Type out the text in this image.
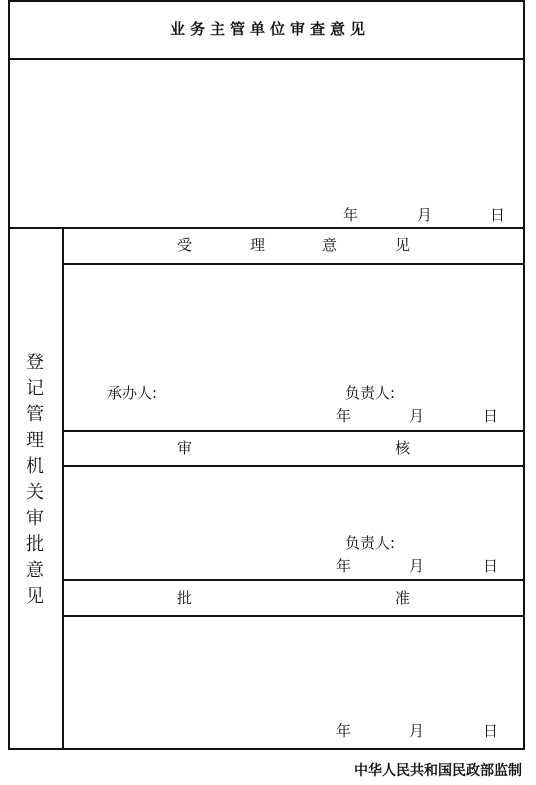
业务主管单位审查意见
年	月	日
登
记
管
理
机
关
审
批
意
见
受	理	意	见
承办人:	负责人:
年	月	日
审	核
负责人:
年	月	日
批	准
年	月	日
中华人民共和国民政部监制
